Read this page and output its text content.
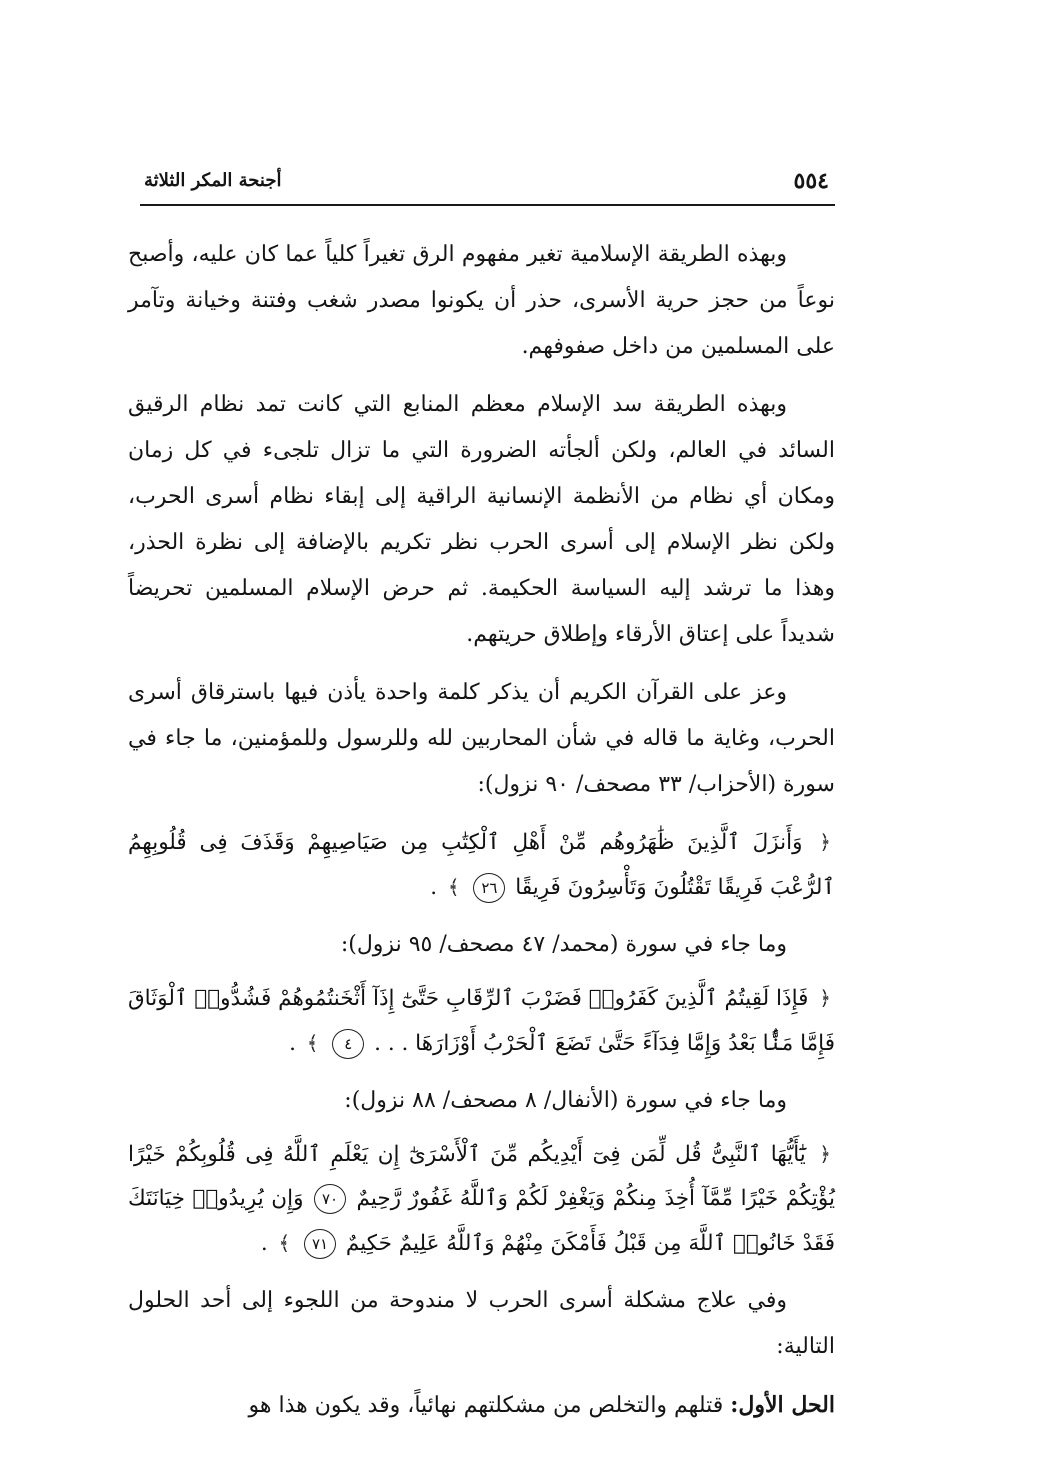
٥٥٤
أجنحة المكر الثلاثة

وبهذه الطريقة الإسلامية تغير مفهوم الرق تغيراً كلياً عما كان عليه، وأصبح نوعاً من حجز حرية الأسرى، حذر أن يكونوا مصدر شغب وفتنة وخيانة وتآمر على المسلمين من داخل صفوفهم.

وبهذه الطريقة سد الإسلام معظم المنابع التي كانت تمد نظام الرقيق السائد في العالم، ولكن ألجأته الضرورة التي ما تزال تلجىء في كل زمان ومكان أي نظام من الأنظمة الإنسانية الراقية إلى إبقاء نظام أسرى الحرب، ولكن نظر الإسلام إلى أسرى الحرب نظر تكريم بالإضافة إلى نظرة الحذر، وهذا ما ترشد إليه السياسة الحكيمة. ثم حرض الإسلام المسلمين تحريضاً شديداً على إعتاق الأرقاء وإطلاق حريتهم.

وعز على القرآن الكريم أن يذكر كلمة واحدة يأذن فيها باسترقاق أسرى الحرب، وغاية ما قاله في شأن المحاربين لله وللرسول وللمؤمنين، ما جاء في سورة (الأحزاب/ ٣٣ مصحف/ ٩٠ نزول):

﴿ وَأَنزَلَ ٱلَّذِينَ ظَٰهَرُوهُم مِّنْ أَهْلِ ٱلْكِتَٰبِ مِن صَيَاصِيهِمْ وَقَذَفَ فِى قُلُوبِهِمُ ٱلرُّعْبَ فَرِيقًا تَقْتُلُونَ وَتَأْسِرُونَ فَرِيقًا ٢٦ ﴾ .

وما جاء في سورة (محمد/ ٤٧ مصحف/ ٩٥ نزول):

﴿ فَإِذَا لَقِيتُمُ ٱلَّذِينَ كَفَرُوا۟ فَضَرْبَ ٱلرِّقَابِ حَتَّىٰٓ إِذَآ أَثْخَنتُمُوهُمْ فَشُدُّوا۟ ٱلْوَثَاقَ فَإِمَّا مَنًّۢا بَعْدُ وَإِمَّا فِدَآءً حَتَّىٰ تَضَعَ ٱلْحَرْبُ أَوْزَارَهَا . . . ٤ ﴾ .

وما جاء في سورة (الأنفال/ ٨ مصحف/ ٨٨ نزول):

﴿ يَٰٓأَيُّهَا ٱلنَّبِىُّ قُل لِّمَن فِىٓ أَيْدِيكُم مِّنَ ٱلْأَسْرَىٰٓ إِن يَعْلَمِ ٱللَّهُ فِى قُلُوبِكُمْ خَيْرًا يُؤْتِكُمْ خَيْرًا مِّمَّآ أُخِذَ مِنكُمْ وَيَغْفِرْ لَكُمْ وَٱللَّهُ غَفُورٌ رَّحِيمٌ ٧٠ وَإِن يُرِيدُوا۟ خِيَانَتَكَ فَقَدْ خَانُوا۟ ٱللَّهَ مِن قَبْلُ فَأَمْكَنَ مِنْهُمْ وَٱللَّهُ عَلِيمٌ حَكِيمٌ ٧١ ﴾ .

وفي علاج مشكلة أسرى الحرب لا مندوحة من اللجوء إلى أحد الحلول التالية:

الحل الأول: قتلهم والتخلص من مشكلتهم نهائياً، وقد يكون هذا هو
